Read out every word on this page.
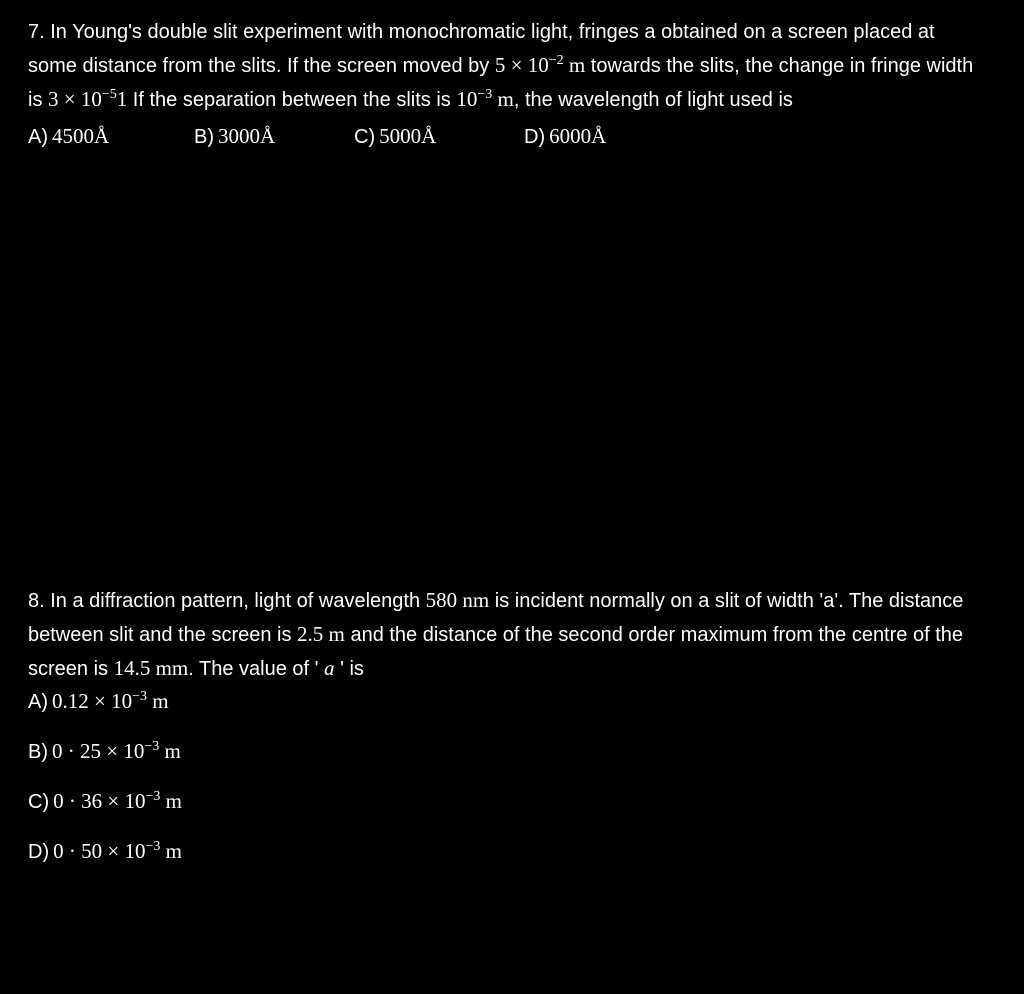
7. In Young's double slit experiment with monochromatic light, fringes a obtained on a screen placed at some distance from the slits. If the screen moved by $5 \times 10^{-2}$ m towards the slits, the change in fringe width is $3 \times 10^{-5}1$ If the separation between the slits is $10^{-3}$ m, the wavelength of light used is

A) 4500Å	B) 3000Å	C) 5000Å	D) 6000Å

8. In a diffraction pattern, light of wavelength 580 nm is incident normally on a slit of width 'a'. The distance between slit and the screen is 2.5 m and the distance of the second order maximum from the centre of the screen is 14.5 mm. The value of ' a ' is

A) $0.12 \times 10^{-3}$ m
B) $0 \cdot 25 \times 10^{-3}$ m
C) $0 \cdot 36 \times 10^{-3}$ m
D) $0 \cdot 50 \times 10^{-3}$ m
